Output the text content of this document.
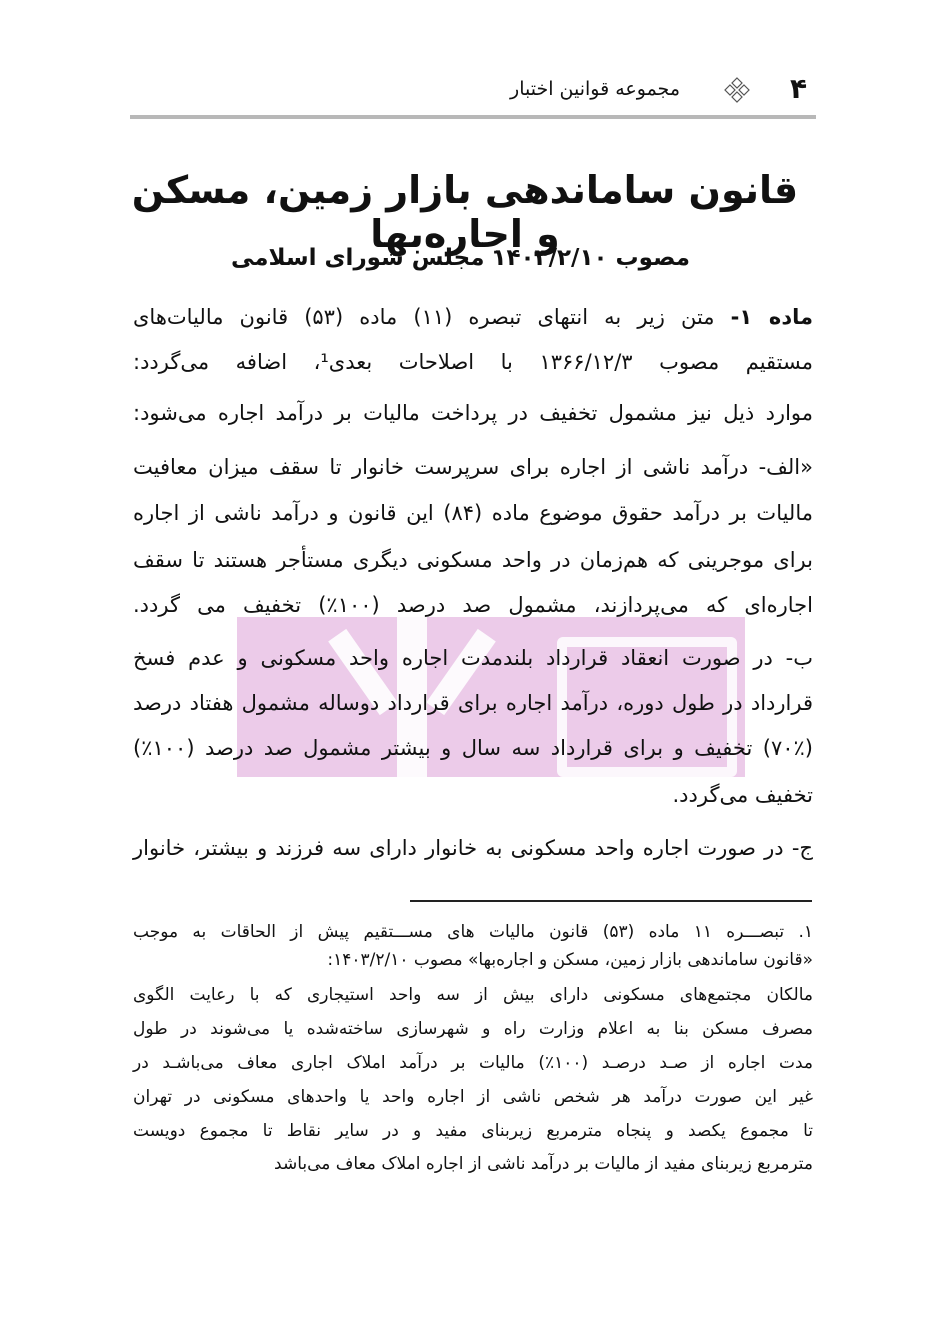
۴
مجموعه قوانین اختبار
قانون ساماندهی بازار زمین، مسکن و اجاره‌بها
مصوب ۱۴۰۳/۲/۱۰ مجلس شورای اسلامی
ماده ۱- متن زیر به انتهای تبصره (۱۱) ماده (۵۳) قانون مالیات‌های
مستقیم مصوب ۱۳۶۶/۱۲/۳ با اصلاحات بعدی¹، اضافه می‌گردد:
موارد ذیل نیز مشمول تخفیف در پرداخت مالیات بر درآمد اجاره می‌شود:
«الف- درآمد ناشی از اجاره برای سرپرست خانوار تا سقف میزان معافیت
مالیات بر درآمد حقوق موضوع ماده (۸۴) این قانون و درآمد ناشی از اجاره
برای موجرینی که هم‌زمان در واحد مسکونی دیگری مستأجر هستند تا سقف
اجاره‌ای که می‌پردازند، مشمول صد درصد (۱۰۰٪) تخفیف می گردد.
ب- در صورت انعقاد قرارداد بلندمدت اجاره واحد مسکونی و عدم فسخ
قرارداد در طول دوره، درآمد اجاره برای قرارداد دوساله مشمول هفتاد درصد
(۷۰٪) تخفیف و برای قرارداد سه سال و بیشتر مشمول صد درصد (۱۰۰٪)
تخفیف می‌گردد.
ج- در صورت اجاره واحد مسکونی به خانوار دارای سه فرزند و بیشتر، خانوار
۱. تبصـــره ۱۱ ماده (۵۳) قانون مالیات های مســـتقیم پیش از الحاقات به موجب
«قانون ساماندهی بازار زمین، مسکن و اجاره‌بها» مصوب ۱۴۰۳/۲/۱۰:
مالکان مجتمع‌های مسکونی دارای بیش از سه واحد استیجاری که با رعایت الگوی
مصرف مسکن بنا به اعلام وزارت راه و شهرسازی ساخته‌شده یا می‌شوند در طول
مدت اجاره از صـد درصـد (۱۰۰٪) مالیات بر درآمد املاک اجاری معاف می‌باشـد در
غیر این صورت درآمد هر شخص ناشی از اجاره واحد یا واحدهای مسکونی در تهران
تا مجموع یکصد و پنجاه مترمربع زیربنای مفید و در سایر نقاط تا مجموع دویست
مترمربع زیربنای مفید از مالیات بر درآمد ناشی از اجاره املاک معاف می‌باشد
